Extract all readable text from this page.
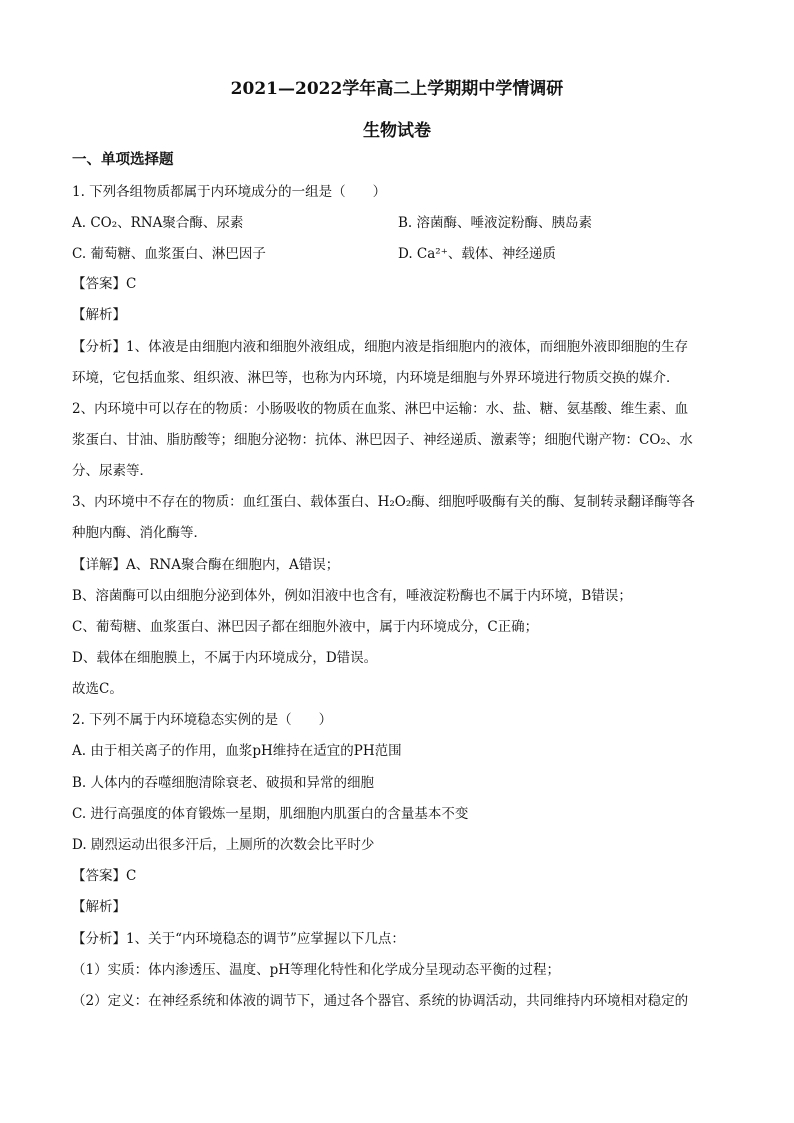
2021—2022学年高二上学期期中学情调研
生物试卷
一、单项选择题
1. 下列各组物质都属于内环境成分的一组是（　　）
A. CO₂、RNA聚合酶、尿素	B. 溶菌酶、唾液淀粉酶、胰岛素
C. 葡萄糖、血浆蛋白、淋巴因子	D. Ca²⁺、载体、神经递质
【答案】C
【解析】
【分析】1、体液是由细胞内液和细胞外液组成，细胞内液是指细胞内的液体，而细胞外液即细胞的生存
环境，它包括血浆、组织液、淋巴等，也称为内环境，内环境是细胞与外界环境进行物质交换的媒介．
2、内环境中可以存在的物质：小肠吸收的物质在血浆、淋巴中运输：水、盐、糖、氨基酸、维生素、血
浆蛋白、甘油、脂肪酸等；细胞分泌物：抗体、淋巴因子、神经递质、激素等；细胞代谢产物：CO₂、水
分、尿素等．
3、内环境中不存在的物质：血红蛋白、载体蛋白、H₂O₂酶、细胞呼吸酶有关的酶、复制转录翻译酶等各
种胞内酶、消化酶等．
【详解】A、RNA聚合酶在细胞内，A错误；
B、溶菌酶可以由细胞分泌到体外，例如泪液中也含有，唾液淀粉酶也不属于内环境，B错误；
C、葡萄糖、血浆蛋白、淋巴因子都在细胞外液中，属于内环境成分，C正确；
D、载体在细胞膜上，不属于内环境成分，D错误。
故选C。
2. 下列不属于内环境稳态实例的是（　　）
A. 由于相关离子的作用，血浆pH维持在适宜的PH范围
B. 人体内的吞噬细胞清除衰老、破损和异常的细胞
C. 进行高强度的体育锻炼一星期，肌细胞内肌蛋白的含量基本不变
D. 剧烈运动出很多汗后，上厕所的次数会比平时少
【答案】C
【解析】
【分析】1、关于“内环境稳态的调节”应掌握以下几点：
（1）实质：体内渗透压、温度、pH等理化特性和化学成分呈现动态平衡的过程；
（2）定义：在神经系统和体液的调节下，通过各个器官、系统的协调活动，共同维持内环境相对稳定的
